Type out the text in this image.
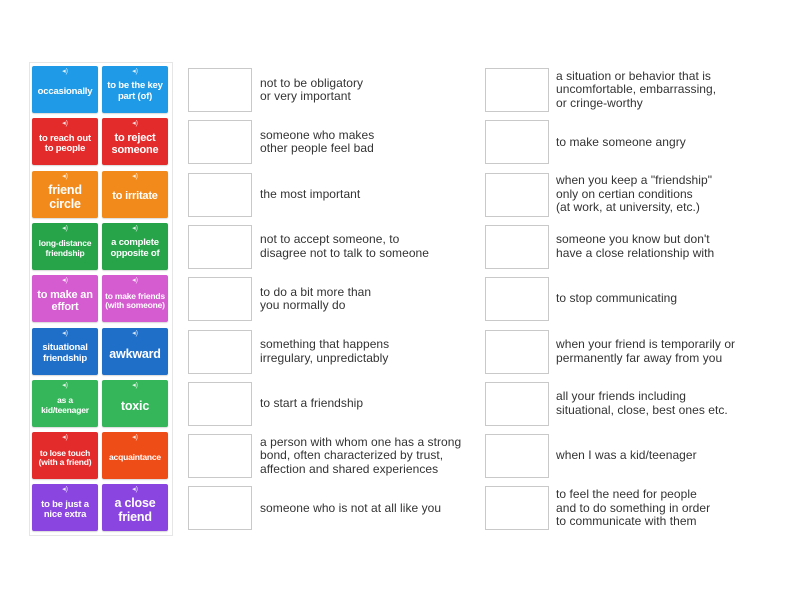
◂)
occasionally
◂)
to be the key part (of)
◂)
to reach out to people
◂)
to reject someone
◂)
friend circle
◂)
to irritate
◂)
long-distance friendship
◂)
a complete opposite of
◂)
to make an effort
◂)
to make friends (with someone)
◂)
situational friendship
◂)
awkward
◂)
as a kid/teenager
◂)
toxic
◂)
to lose touch (with a friend)
◂)
acquaintance
◂)
to be just a nice extra
◂)
a close friend
not to be obligatory
or very important
someone who makes
other people feel bad
the most important
not to accept someone, to
disagree not to talk to someone
to do a bit more than
you normally do
something that happens
irregulary, unpredictably
to start a friendship
a person with whom one has a strong
bond, often characterized by trust,
affection and shared experiences
someone who is not at all like you
a situation or behavior that is
uncomfortable, embarrassing,
or cringe-worthy
to make someone angry
when you keep a "friendship"
only on certian conditions
(at work, at university, etc.)
someone you know but don't
have a close relationship with
to stop communicating
when your friend is temporarily or
permanently far away from you
all your friends including
situational, close, best ones etc.
when I was a kid/teenager
to feel the need for people
and to do something in order
to communicate with them
